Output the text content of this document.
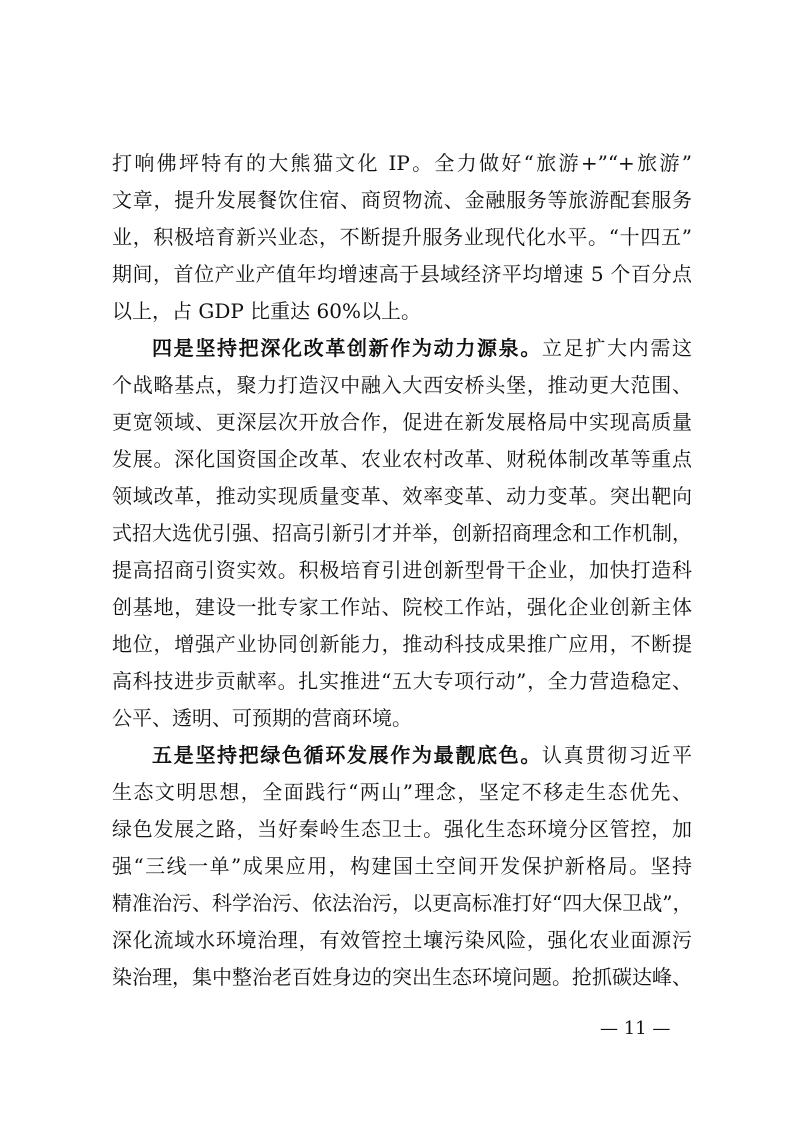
打响佛坪特有的大熊猫文化 IP。全力做好“旅游+”“+旅游”
文章，提升发展餐饮住宿、商贸物流、金融服务等旅游配套服务
业，积极培育新兴业态，不断提升服务业现代化水平。“十四五”
期间，首位产业产值年均增速高于县域经济平均增速 5 个百分点
以上，占 GDP 比重达 60%以上。
四是坚持把深化改革创新作为动力源泉。立足扩大内需这
个战略基点，聚力打造汉中融入大西安桥头堡，推动更大范围、
更宽领域、更深层次开放合作，促进在新发展格局中实现高质量
发展。深化国资国企改革、农业农村改革、财税体制改革等重点
领域改革，推动实现质量变革、效率变革、动力变革。突出靶向
式招大选优引强、招高引新引才并举，创新招商理念和工作机制，
提高招商引资实效。积极培育引进创新型骨干企业，加快打造科
创基地，建设一批专家工作站、院校工作站，强化企业创新主体
地位，增强产业协同创新能力，推动科技成果推广应用，不断提
高科技进步贡献率。扎实推进“五大专项行动”，全力营造稳定、
公平、透明、可预期的营商环境。
五是坚持把绿色循环发展作为最靓底色。认真贯彻习近平
生态文明思想，全面践行“两山”理念，坚定不移走生态优先、
绿色发展之路，当好秦岭生态卫士。强化生态环境分区管控，加
强“三线一单”成果应用，构建国土空间开发保护新格局。坚持
精准治污、科学治污、依法治污，以更高标准打好“四大保卫战”，
深化流域水环境治理，有效管控土壤污染风险，强化农业面源污
染治理，集中整治老百姓身边的突出生态环境问题。抢抓碳达峰、
— 11 —
